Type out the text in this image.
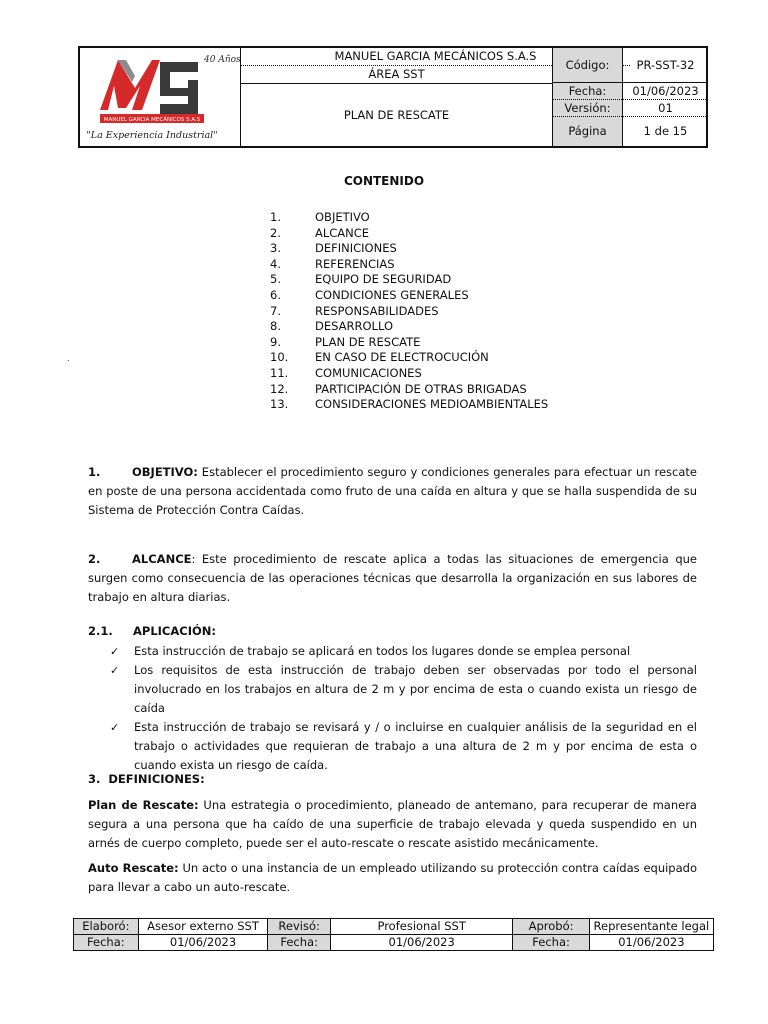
40 Años
MANUEL GARCIA MECÁNICOS S.A.S
"La Experiencia Industrial"
MANUEL GARCIA MECÁNICOS S.A.S
ÁREA SST
PLAN DE RESCATE
Código:	PR-SST-32
Fecha:	01/06/2023
Versión:	01
Página	1 de 15
CONTENIDO
1.	OBJETIVO
2.	ALCANCE
3.	DEFINICIONES
4.	REFERENCIAS
5.	EQUIPO DE SEGURIDAD
6.	CONDICIONES GENERALES
7.	RESPONSABILIDADES
8.	DESARROLLO
9.	PLAN DE RESCATE
10. EN CASO DE ELECTROCUCIÓN
11. COMUNICACIONES
12. PARTICIPACIÓN DE OTRAS BRIGADAS
13. CONSIDERACIONES MEDIOAMBIENTALES
.

1.	OBJETIVO: Establecer el procedimiento seguro y condiciones generales para efectuar un rescate en poste de una persona accidentada como fruto de una caída en altura y que se halla suspendida de su Sistema de Protección Contra Caídas.

2.	ALCANCE: Este procedimiento de rescate aplica a todas las situaciones de emergencia que surgen como consecuencia de las operaciones técnicas que desarrolla la organización en sus labores de trabajo en altura diarias.

2.1. APLICACIÓN:
✓ Esta instrucción de trabajo se aplicará en todos los lugares donde se emplea personal
✓ Los requisitos de esta instrucción de trabajo deben ser observadas por todo el personal involucrado en los trabajos en altura de 2 m y por encima de esta o cuando exista un riesgo de caída
✓ Esta instrucción de trabajo se revisará y / o incluirse en cualquier análisis de la seguridad en el trabajo o actividades que requieran de trabajo a una altura de 2 m y por encima de esta o cuando exista un riesgo de caída.
3. DEFINICIONES:

Plan de Rescate: Una estrategia o procedimiento, planeado de antemano, para recuperar de manera segura a una persona que ha caído de una superficie de trabajo elevada y queda suspendido en un arnés de cuerpo completo, puede ser el auto-rescate o rescate asistido mecánicamente.

Auto Rescate: Un acto o una instancia de un empleado utilizando su protección contra caídas equipado para llevar a cabo un auto-rescate.

Elaboró:	Asesor externo SST	Revisó:	Profesional SST	Aprobó:	Representante legal
Fecha:	01/06/2023	Fecha:	01/06/2023	Fecha:	01/06/2023
